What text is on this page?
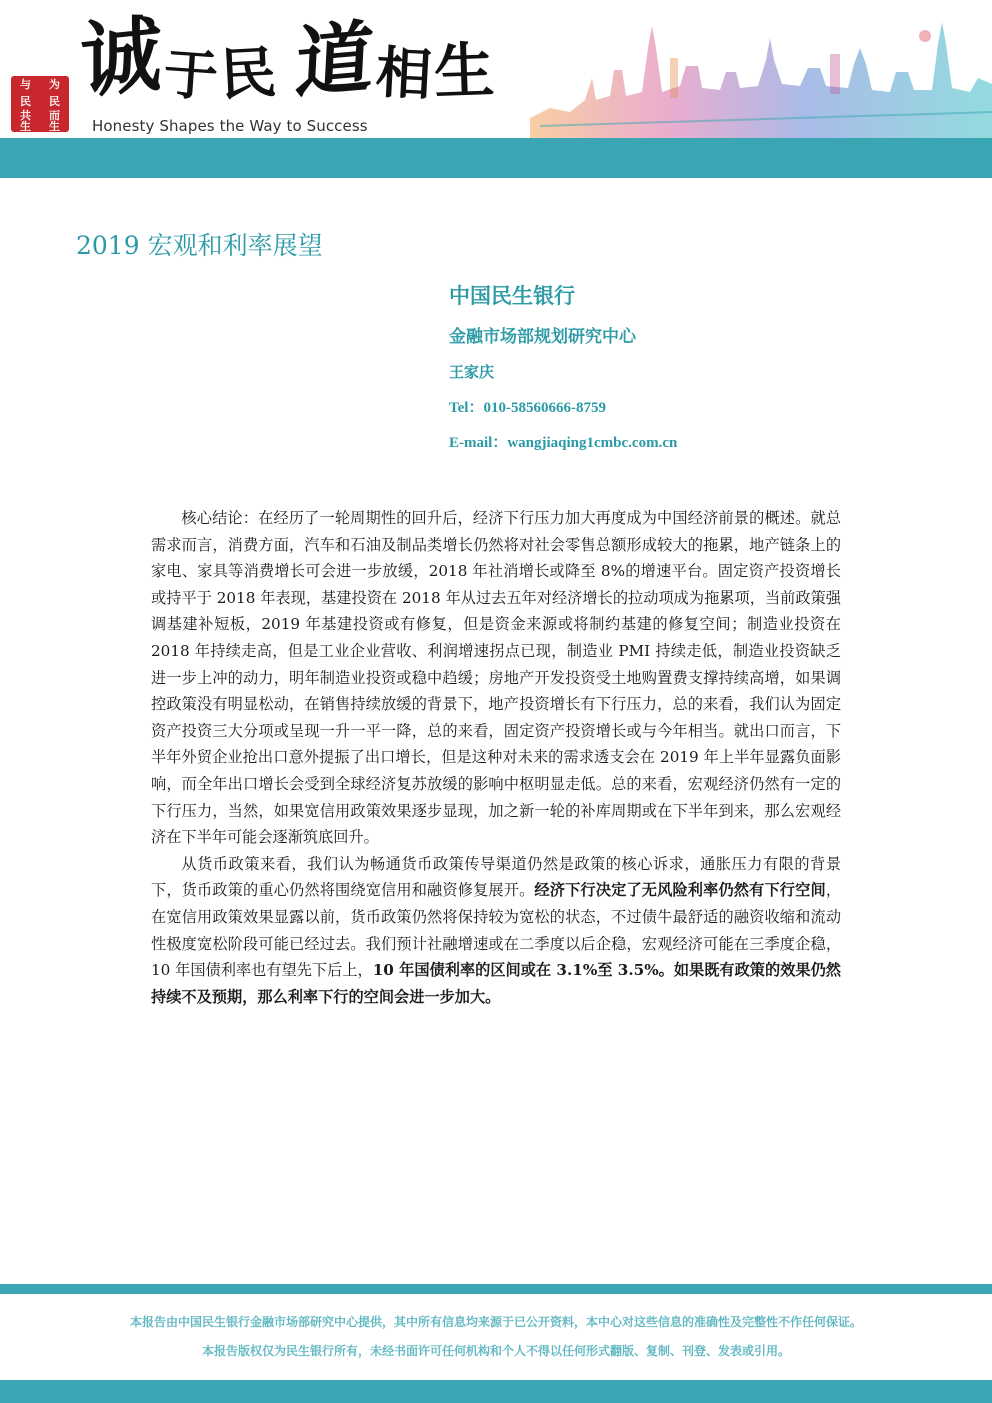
与	为
民	民
共	而
生	生
诚 于
民 道
相 生
Honesty Shapes the Way to Success
2019 宏观和利率展望

中国民生银行

金融市场部规划研究中心

王家庆

Tel：010-58560666-8759

E-mail：wangjiaqing1cmbc.com.cn

核心结论：在经历了一轮周期性的回升后，经济下行压力加大再度成为中国经济前景的概述。就总需求而言，消费方面，汽车和石油及制品类增长仍然将对社会零售总额形成较大的拖累，地产链条上的家电、家具等消费增长可会进一步放缓，2018 年社消增长或降至 8%的增速平台。固定资产投资增长或持平于 2018 年表现，基建投资在 2018 年从过去五年对经济增长的拉动项成为拖累项，当前政策强调基建补短板，2019 年基建投资或有修复，但是资金来源或将制约基建的修复空间；制造业投资在 2018 年持续走高，但是工业企业营收、利润增速拐点已现，制造业 PMI 持续走低，制造业投资缺乏进一步上冲的动力，明年制造业投资或稳中趋缓；房地产开发投资受土地购置费支撑持续高增，如果调控政策没有明显松动，在销售持续放缓的背景下，地产投资增长有下行压力，总的来看，我们认为固定资产投资三大分项或呈现一升一平一降，总的来看，固定资产投资增长或与今年相当。就出口而言，下半年外贸企业抢出口意外提振了出口增长，但是这种对未来的需求透支会在 2019 年上半年显露负面影响，而全年出口增长会受到全球经济复苏放缓的影响中枢明显走低。总的来看，宏观经济仍然有一定的下行压力，当然，如果宽信用政策效果逐步显现，加之新一轮的补库周期或在下半年到来，那么宏观经济在下半年可能会逐渐筑底回升。

从货币政策来看，我们认为畅通货币政策传导渠道仍然是政策的核心诉求，通胀压力有限的背景下，货币政策的重心仍然将围绕宽信用和融资修复展开。经济下行决定了无风险利率仍然有下行空间，在宽信用政策效果显露以前，货币政策仍然将保持较为宽松的状态，不过债牛最舒适的融资收缩和流动性极度宽松阶段可能已经过去。我们预计社融增速或在二季度以后企稳，宏观经济可能在三季度企稳，10 年国债利率也有望先下后上，10 年国债利率的区间或在 3.1%至 3.5%。如果既有政策的效果仍然持续不及预期，那么利率下行的空间会进一步加大。

本报告由中国民生银行金融市场部研究中心提供，其中所有信息均来源于已公开资料，本中心对这些信息的准确性及完整性不作任何保证。

本报告版权仅为民生银行所有，未经书面许可任何机构和个人不得以任何形式翻版、复制、刊登、发表或引用。
